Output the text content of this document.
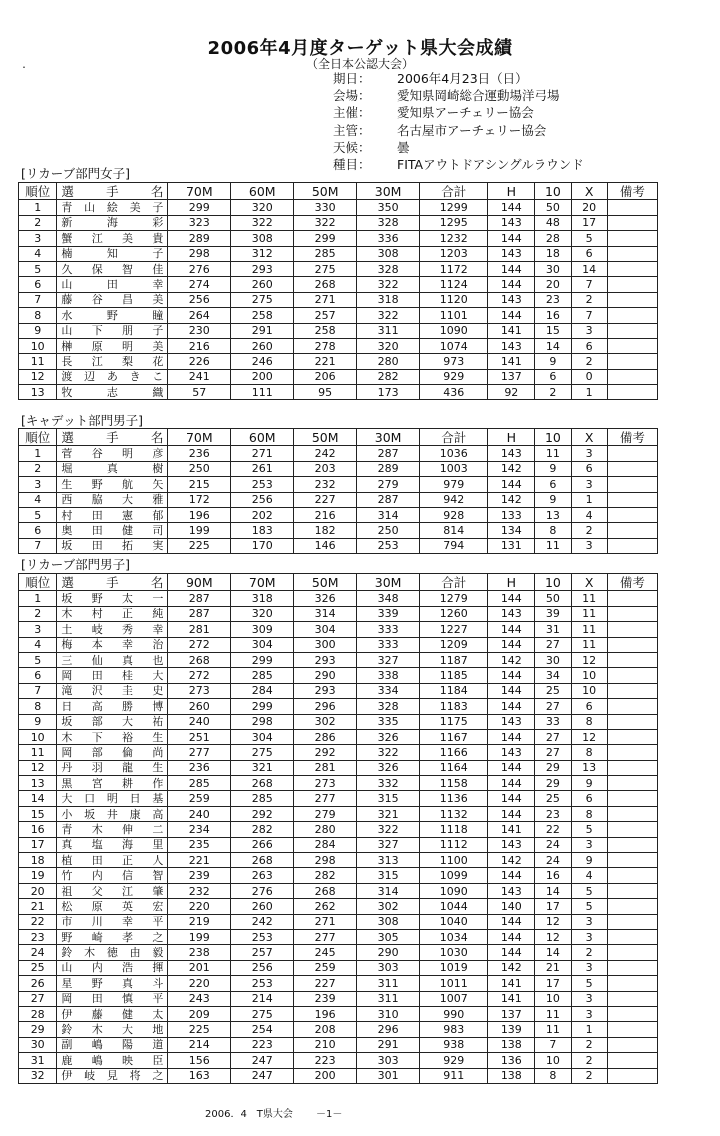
2006年4月度ターゲット県大会成績
（全日本公認大会）
・
期日：	2006年4月23日（日）
会場：	愛知県岡崎総合運動場洋弓場
主催：	愛知県アーチェリー協会
主管：	名古屋市アーチェリー協会
天候：	曇
種目：	FITAアウトドアシングルラウンド
[リカーブ部門女子]
順位	選　手　名	70M	60M	50M	30M	合計	H	10	X	備考
1	青山絵美子	299	320	330	350	1299	144	50	20	
2	新海彩	323	322	322	328	1295	143	48	17	
3	蟹江美貴	289	308	299	336	1232	144	28	5	
4	楠知子	298	312	285	308	1203	143	18	6	
5	久保智佳	276	293	275	328	1172	144	30	14	
6	山田幸	274	260	268	322	1124	144	20	7	
7	藤谷昌美	256	275	271	318	1120	143	23	2	
8	水野瞳	264	258	257	322	1101	144	16	7	
9	山下朋子	230	291	258	311	1090	141	15	3	
10	榊原明美	216	260	278	320	1074	143	14	6	
11	長江梨花	226	246	221	280	973	141	9	2	
12	渡辺あきこ	241	200	206	282	929	137	6	0	
13	牧志織	57	111	95	173	436	92	2	1	
[キャデット部門男子]
順位	選　手　名	70M	60M	50M	30M	合計	H	10	X	備考
1	菅谷明彦	236	271	242	287	1036	143	11	3	
2	堀真樹	250	261	203	289	1003	142	9	6	
3	生野航矢	215	253	232	279	979	144	6	3	
4	西脇大雅	172	256	227	287	942	142	9	1	
5	村田憲郁	196	202	216	314	928	133	13	4	
6	奥田健司	199	183	182	250	814	134	8	2	
7	坂田拓実	225	170	146	253	794	131	11	3	
[リカーブ部門男子]
順位	選　手　名	90M	70M	50M	30M	合計	H	10	X	備考
1	坂野太一	287	318	326	348	1279	144	50	11	
2	木村正純	287	320	314	339	1260	143	39	11	
3	土岐秀幸	281	309	304	333	1227	144	31	11	
4	梅本幸治	272	304	300	333	1209	144	27	11	
5	三仙真也	268	299	293	327	1187	142	30	12	
6	岡田桂大	272	285	290	338	1185	144	34	10	
7	滝沢圭史	273	284	293	334	1184	144	25	10	
8	日高勝博	260	299	296	328	1183	144	27	6	
9	坂部大祐	240	298	302	335	1175	143	33	8	
10	木下裕生	251	304	286	326	1167	144	27	12	
11	岡部倫尚	277	275	292	322	1166	143	27	8	
12	丹羽龍生	236	321	281	326	1164	144	29	13	
13	黒宮耕作	285	268	273	332	1158	144	29	9	
14	大口明日基	259	285	277	315	1136	144	25	6	
15	小坂井康高	240	292	279	321	1132	144	23	8	
16	青木伸二	234	282	280	322	1118	141	22	5	
17	真塩海里	235	266	284	327	1112	143	24	3	
18	植田正人	221	268	298	313	1100	142	24	9	
19	竹内信智	239	263	282	315	1099	144	16	4	
20	祖父江肇	232	276	268	314	1090	143	14	5	
21	松原英宏	220	260	262	302	1044	140	17	5	
22	市川幸平	219	242	271	308	1040	144	12	3	
23	野崎孝之	199	253	277	305	1034	144	12	3	
24	鈴木徳由毅	238	257	245	290	1030	144	14	2	
25	山内浩揮	201	256	259	303	1019	142	21	3	
26	星野真斗	220	253	227	311	1011	141	17	5	
27	岡田慎平	243	214	239	311	1007	141	10	3	
28	伊藤健太	209	275	196	310	990	137	11	3	
29	鈴木大地	225	254	208	296	983	139	11	1	
30	副嶋陽道	214	223	210	291	938	138	7	2	
31	鹿嶋映臣	156	247	223	303	929	136	10	2	
32	伊岐見将之	163	247	200	301	911	138	8	2	
2006．4　T県大会 －1－
